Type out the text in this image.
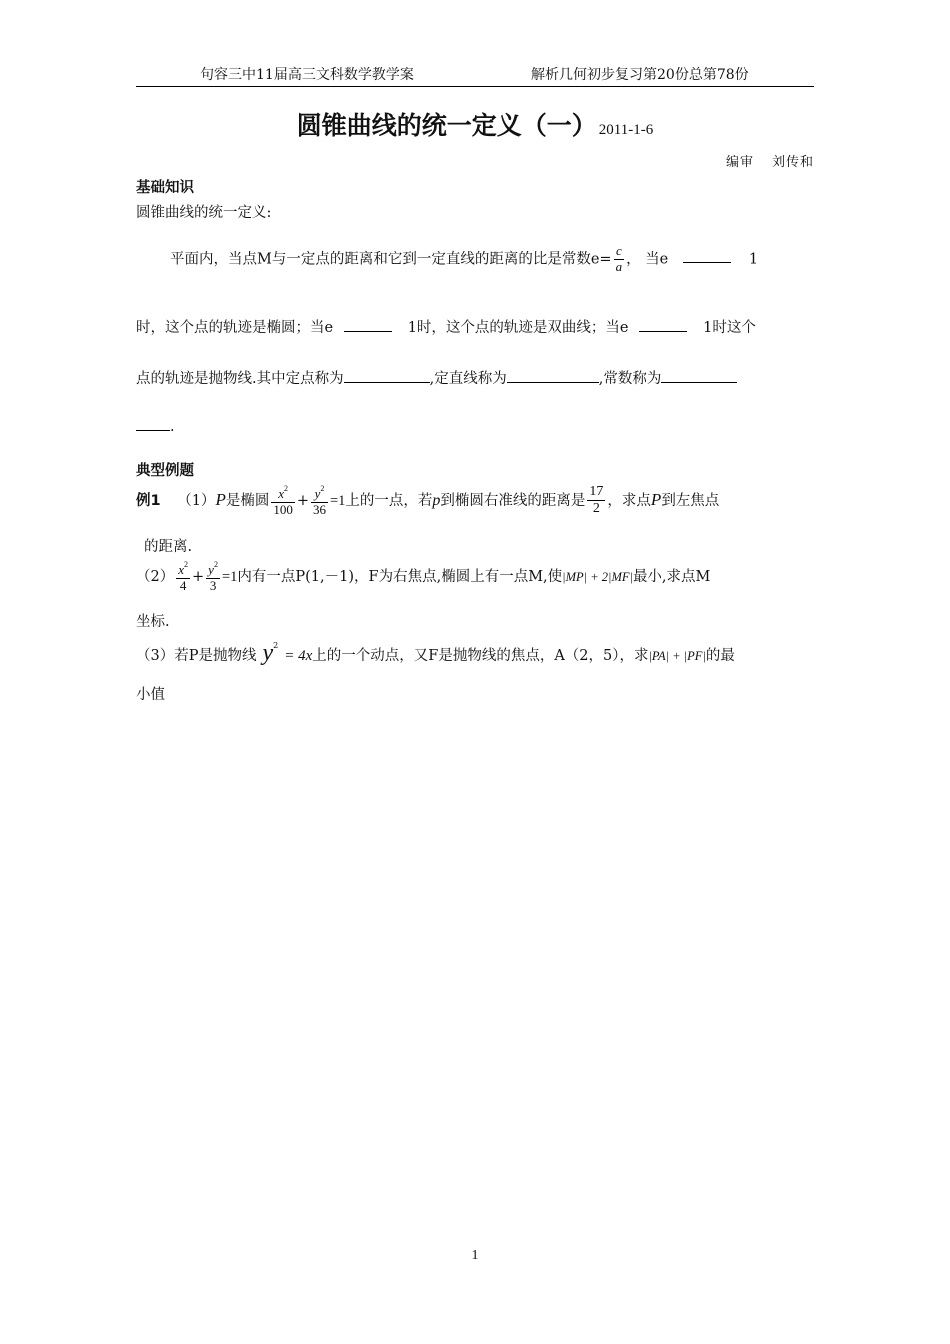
句容三中11届高三文科数学教学案	解析几何初步复习第20份总第78份
圆锥曲线的统一定义（一） 2011-1-6
编审 刘传和
基础知识
圆锥曲线的统一定义:
平面内，当点M与一定点的距离和它到一定直线的距离的比是常数$e= \frac{c}{a}$ ， 当e	1
时，这个点的轨迹是椭圆；当e	1时，这个点的轨迹是双曲线；当e	1时这个
点的轨迹是抛物线.其中定点称为	,定直线称为	,常数称为
.
典型例题
例1 （1）P是椭圆 $\frac{x^2}{100} + \frac{y^2}{36} =1$上的一点，若p到椭圆右准线的距离是 $\frac{17}{2}$ ，求点P到左焦点
的距离.
$(2) \frac{x^2}{4} + \frac{y^2}{3} =1$内有一点P(1,－1)，F为右焦点,椭圆上有一点M,使|MP| + 2|MF|最小,求点M
坐标.
（3）若P是抛物线 $y^2= 4x$上的一个动点，又F是抛物线的焦点，A（2，5），求|PA| + |PF|的最
小值
1
